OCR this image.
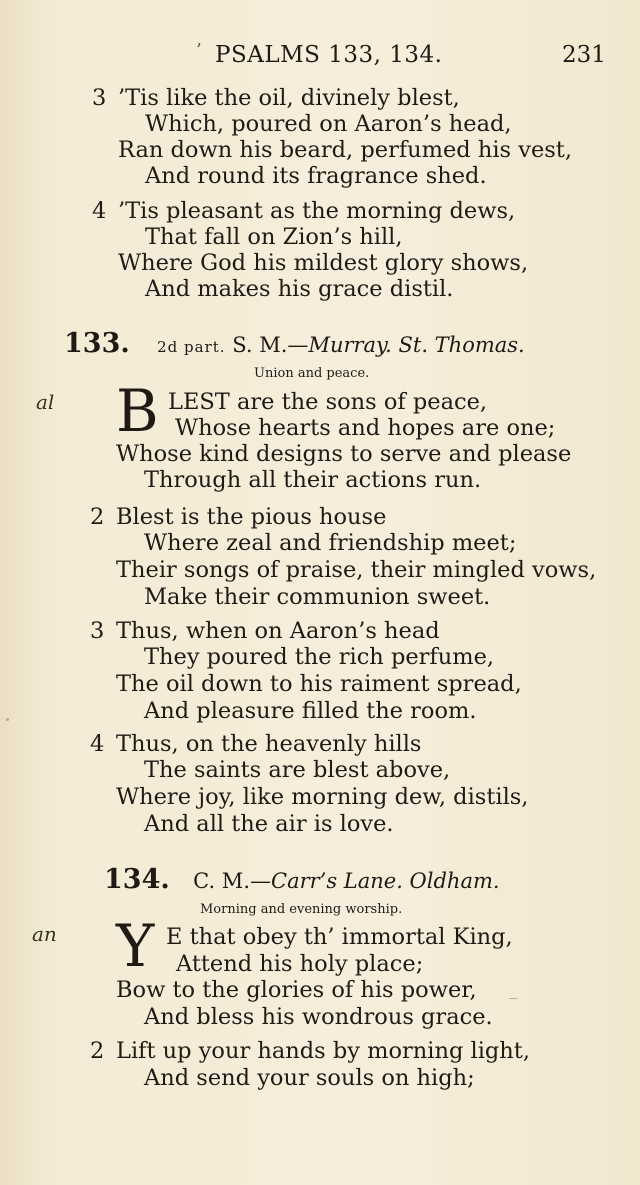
’ PSALMS 133, 134.	231
3 ’Tis like the oil, divinely blest,
Which, poured on Aaron’s head,
Ran down his beard, perfumed his vest,
And round its fragrance shed.
4 ’Tis pleasant as the morning dews,
That fall on Zion’s hill,
Where God his mildest glory shows,
And makes his grace distil.
133. 2d part. S. M.—Murray. St. Thomas.
Union and peace.
al B LEST are the sons of peace,
Whose hearts and hopes are one;
Whose kind designs to serve and please
Through all their actions run.
2 Blest is the pious house
Where zeal and friendship meet;
Their songs of praise, their mingled vows,
Make their communion sweet.
3 Thus, when on Aaron’s head
They poured the rich perfume,
The oil down to his raiment spread,
And pleasure filled the room.
4 Thus, on the heavenly hills
The saints are blest above,
Where joy, like morning dew, distils,
And all the air is love.
134. C. M.—Carr’s Lane. Oldham.
Morning and evening worship.
an Y E that obey th’ immortal King,
Attend his holy place;
Bow to the glories of his power,
And bless his wondrous grace.
2 Lift up your hands by morning light,
And send your souls on high;
